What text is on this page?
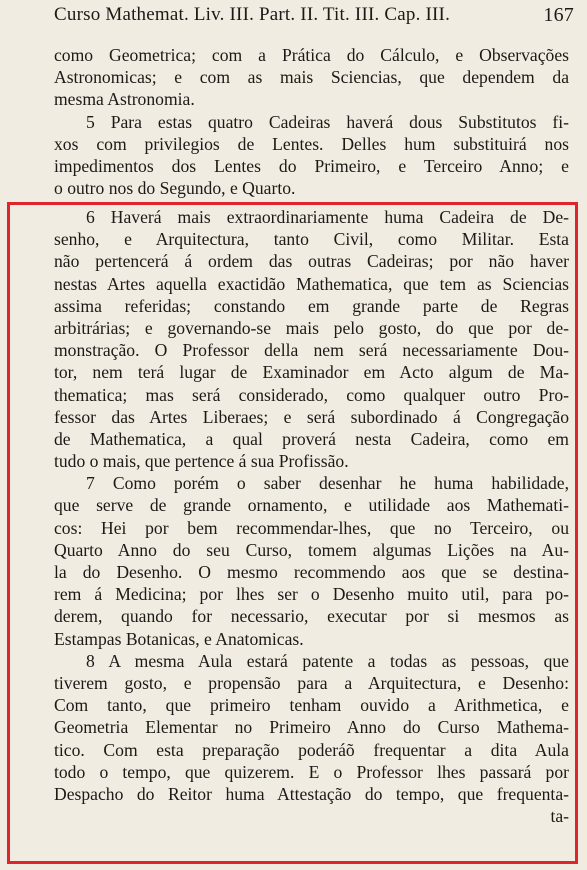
Curso Mathemat. Liv. III. Part. II. Tit. III. Cap. III.	167
como Geometrica; com a Prática do Cálculo, e Observações
Astronomicas; e com as mais Sciencias, que dependem da
mesma Astronomia.
5 Para estas quatro Cadeiras haverá dous Substitutos fi-
xos com privilegios de Lentes. Delles hum substituirá nos
impedimentos dos Lentes do Primeiro, e Terceiro Anno; e
o outro nos do Segundo, e Quarto.
6 Haverá mais extraordinariamente huma Cadeira de De-
senho, e Arquitectura, tanto Civil, como Militar. Esta
não pertencerá á ordem das outras Cadeiras; por não haver
nestas Artes aquella exactidão Mathematica, que tem as Sciencias
assima referidas; constando em grande parte de Regras
arbitrárias; e governando-se mais pelo gosto, do que por de-
monstração. O Professor della nem será necessariamente Dou-
tor, nem terá lugar de Examinador em Acto algum de Ma-
thematica; mas será considerado, como qualquer outro Pro-
fessor das Artes Liberaes; e será subordinado á Congregação
de Mathematica, a qual proverá nesta Cadeira, como em
tudo o mais, que pertence á sua Profissão.
7 Como porém o saber desenhar he huma habilidade,
que serve de grande ornamento, e utilidade aos Mathemati-
cos: Hei por bem recommendar-lhes, que no Terceiro, ou
Quarto Anno do seu Curso, tomem algumas Lições na Au-
la do Desenho. O mesmo recommendo aos que se destina-
rem á Medicina; por lhes ser o Desenho muito util, para po-
derem, quando for necessario, executar por si mesmos as
Estampas Botanicas, e Anatomicas.
8 A mesma Aula estará patente a todas as pessoas, que
tiverem gosto, e propensão para a Arquitectura, e Desenho:
Com tanto, que primeiro tenham ouvido a Arithmetica, e
Geometria Elementar no Primeiro Anno do Curso Mathema-
tico. Com esta preparação poderáõ frequentar a dita Aula
todo o tempo, que quizerem. E o Professor lhes passará por
Despacho do Reitor huma Attestação do tempo, que frequenta-
ta-
